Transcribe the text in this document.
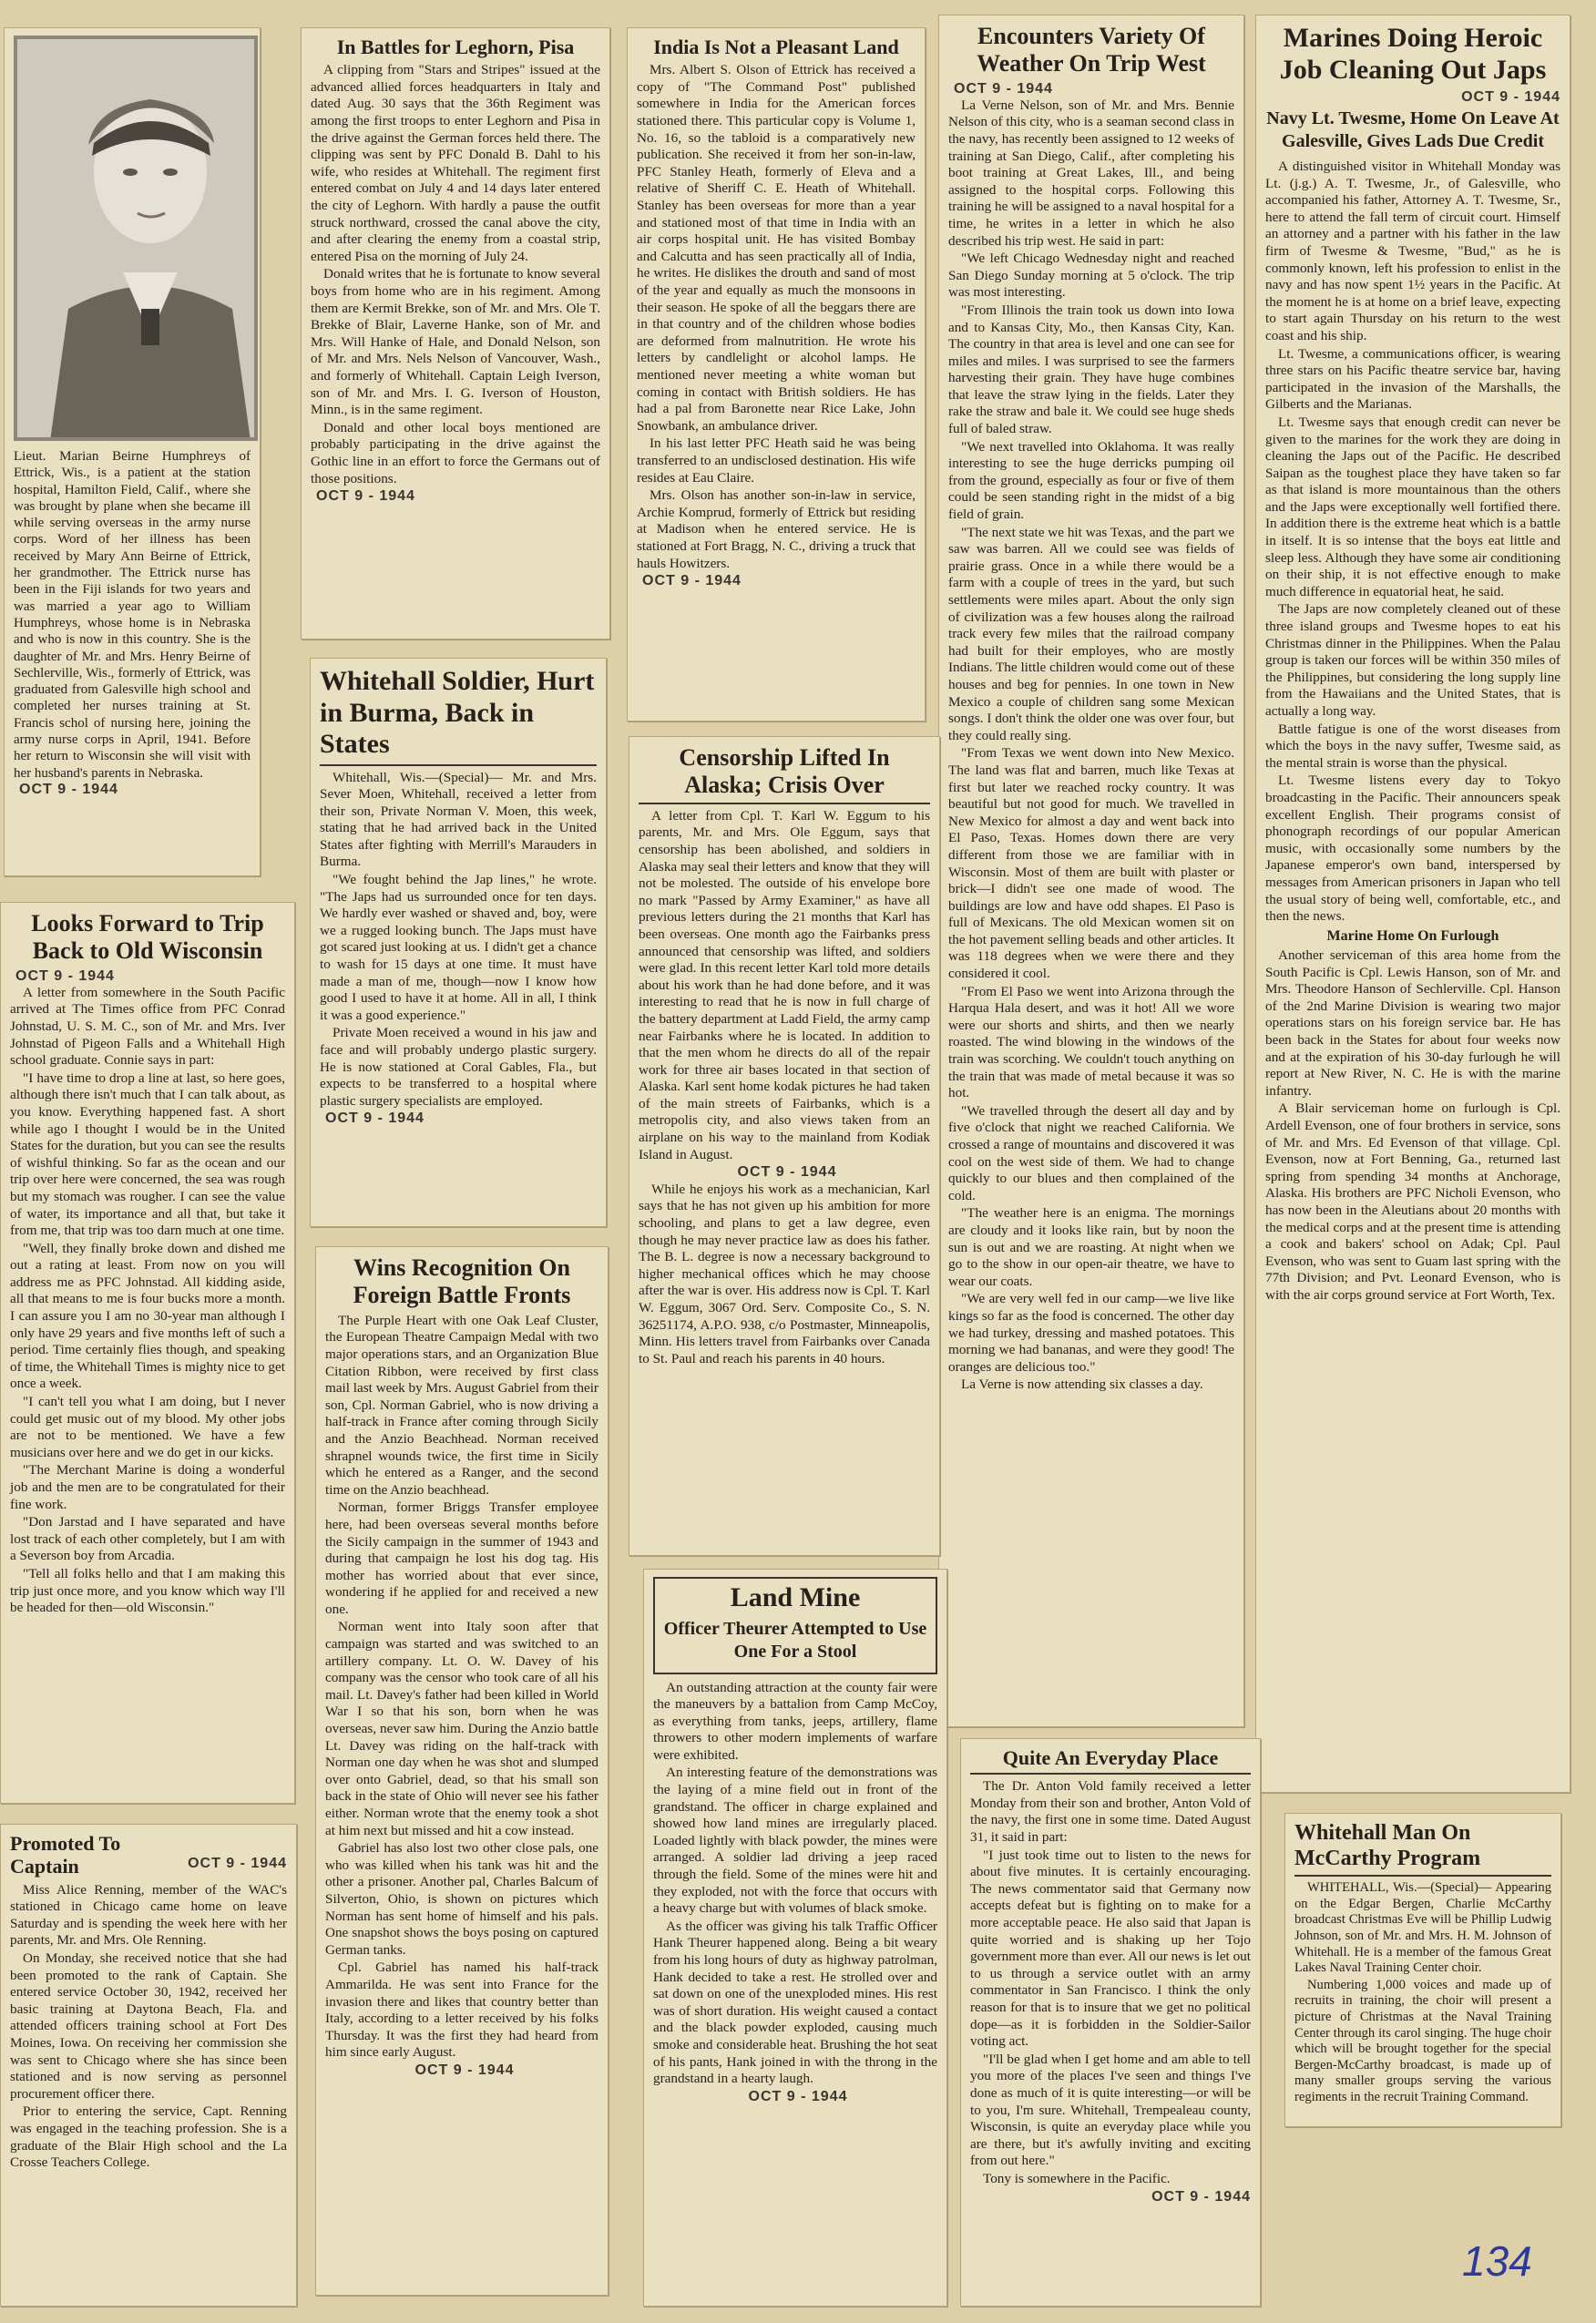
Lieut. Marian Beirne Humphreys of Ettrick, Wis., is a patient at the station hospital, Hamilton Field, Calif., where she was brought by plane when she became ill while serving overseas in the army nurse corps. Word of her illness has been received by Mary Ann Beirne of Ettrick, her grandmother. The Ettrick nurse has been in the Fiji islands for two years and was married a year ago to William Humphreys, whose home is in Nebraska and who is now in this country. She is the daughter of Mr. and Mrs. Henry Beirne of Sechlerville, Wis., formerly of Ettrick, was graduated from Galesville high school and completed her nurses training at St. Francis schol of nursing here, joining the army nurse corps in April, 1941. Before her return to Wisconsin she will visit with her husband's parents in Nebraska.
OCT 9 - 1944
In Battles for Leghorn, Pisa

A clipping from "Stars and Stripes" issued at the advanced allied forces headquarters in Italy and dated Aug. 30 says that the 36th Regiment was among the first troops to enter Leghorn and Pisa in the drive against the German forces held there. The clipping was sent by PFC Donald B. Dahl to his wife, who resides at Whitehall. The regiment first entered combat on July 4 and 14 days later entered the city of Leghorn. With hardly a pause the outfit struck northward, crossed the canal above the city, and after clearing the enemy from a coastal strip, entered Pisa on the morning of July 24.

Donald writes that he is fortunate to know several boys from home who are in his regiment. Among them are Kermit Brekke, son of Mr. and Mrs. Ole T. Brekke of Blair, Laverne Hanke, son of Mr. and Mrs. Will Hanke of Hale, and Donald Nelson, son of Mr. and Mrs. Nels Nelson of Vancouver, Wash., and formerly of Whitehall. Captain Leigh Iverson, son of Mr. and Mrs. I. G. Iverson of Houston, Minn., is in the same regiment.

Donald and other local boys mentioned are probably participating in the drive against the Gothic line in an effort to force the Germans out of those positions.

OCT 9 - 1944
India Is Not a Pleasant Land

Mrs. Albert S. Olson of Ettrick has received a copy of "The Command Post" published somewhere in India for the American forces stationed there. This particular copy is Volume 1, No. 16, so the tabloid is a comparatively new publication. She received it from her son-in-law, PFC Stanley Heath, formerly of Eleva and a relative of Sheriff C. E. Heath of Whitehall. Stanley has been overseas for more than a year and stationed most of that time in India with an air corps hospital unit. He has visited Bombay and Calcutta and has seen practically all of India, he writes. He dislikes the drouth and sand of most of the year and equally as much the monsoons in their season. He spoke of all the beggars there are in that country and of the children whose bodies are deformed from malnutrition. He wrote his letters by candlelight or alcohol lamps. He mentioned never meeting a white woman but coming in contact with British soldiers. He has had a pal from Baronette near Rice Lake, John Snowbank, an ambulance driver.

In his last letter PFC Heath said he was being transferred to an undisclosed destination. His wife resides at Eau Claire.

Mrs. Olson has another son-in-law in service, Archie Komprud, formerly of Ettrick but residing at Madison when he entered service. He is stationed at Fort Bragg, N. C., driving a truck that hauls Howitzers.

OCT 9 - 1944
Encounters Variety Of Weather On Trip West
OCT 9 - 1944

La Verne Nelson, son of Mr. and Mrs. Bennie Nelson of this city, who is a seaman second class in the navy, has recently been assigned to 12 weeks of training at San Diego, Calif., after completing his boot training at Great Lakes, Ill., and being assigned to the hospital corps. Following this training he will be assigned to a naval hospital for a time, he writes in a letter in which he also described his trip west. He said in part:

"We left Chicago Wednesday night and reached San Diego Sunday morning at 5 o'clock. The trip was most interesting.

"From Illinois the train took us down into Iowa and to Kansas City, Mo., then Kansas City, Kan. The country in that area is level and one can see for miles and miles. I was surprised to see the farmers harvesting their grain. They have huge combines that leave the straw lying in the fields. Later they rake the straw and bale it. We could see huge sheds full of baled straw.

"We next travelled into Oklahoma. It was really interesting to see the huge derricks pumping oil from the ground, especially as four or five of them could be seen standing right in the midst of a big field of grain.

"The next state we hit was Texas, and the part we saw was barren. All we could see was fields of prairie grass. Once in a while there would be a farm with a couple of trees in the yard, but such settlements were miles apart. About the only sign of civilization was a few houses along the railroad track every few miles that the railroad company had built for their employes, who are mostly Indians. The little children would come out of these houses and beg for pennies. In one town in New Mexico a couple of children sang some Mexican songs. I don't think the older one was over four, but they could really sing.

"From Texas we went down into New Mexico. The land was flat and barren, much like Texas at first but later we reached rocky country. It was beautiful but not good for much. We travelled in New Mexico for almost a day and went back into El Paso, Texas. Homes down there are very different from those we are familiar with in Wisconsin. Most of them are built with plaster or brick—I didn't see one made of wood. The buildings are low and have odd shapes. El Paso is full of Mexicans. The old Mexican women sit on the hot pavement selling beads and other articles. It was 118 degrees when we were there and they considered it cool.

"From El Paso we went into Arizona through the Harqua Hala desert, and was it hot! All we wore were our shorts and shirts, and then we nearly roasted. The wind blowing in the windows of the train was scorching. We couldn't touch anything on the train that was made of metal because it was so hot.

"We travelled through the desert all day and by five o'clock that night we reached California. We crossed a range of mountains and discovered it was cool on the west side of them. We had to change quickly to our blues and then complained of the cold.

"The weather here is an enigma. The mornings are cloudy and it looks like rain, but by noon the sun is out and we are roasting. At night when we go to the show in our open-air theatre, we have to wear our coats.

"We are very well fed in our camp—we live like kings so far as the food is concerned. The other day we had turkey, dressing and mashed potatoes. This morning we had bananas, and were they good! The oranges are delicious too."

La Verne is now attending six classes a day.

Marines Doing Heroic Job Cleaning Out Japs
OCT 9 - 1944
Navy Lt. Twesme, Home On Leave At Galesville, Gives Lads Due Credit

A distinguished visitor in Whitehall Monday was Lt. (j.g.) A. T. Twesme, Jr., of Galesville, who accompanied his father, Attorney A. T. Twesme, Sr., here to attend the fall term of circuit court. Himself an attorney and a partner with his father in the law firm of Twesme & Twesme, "Bud," as he is commonly known, left his profession to enlist in the navy and has now spent 1½ years in the Pacific. At the moment he is at home on a brief leave, expecting to start again Thursday on his return to the west coast and his ship.

Lt. Twesme, a communications officer, is wearing three stars on his Pacific theatre service bar, having participated in the invasion of the Marshalls, the Gilberts and the Marianas.

Lt. Twesme says that enough credit can never be given to the marines for the work they are doing in cleaning the Japs out of the Pacific. He described Saipan as the toughest place they have taken so far as that island is more mountainous than the others and the Japs were exceptionally well fortified there. In addition there is the extreme heat which is a battle in itself. It is so intense that the boys eat little and sleep less. Although they have some air conditioning on their ship, it is not effective enough to make much difference in equatorial heat, he said.

The Japs are now completely cleaned out of these three island groups and Twesme hopes to eat his Christmas dinner in the Philippines. When the Palau group is taken our forces will be within 350 miles of the Philippines, but considering the long supply line from the Hawaiians and the United States, that is actually a long way.

Battle fatigue is one of the worst diseases from which the boys in the navy suffer, Twesme said, as the mental strain is worse than the physical.

Lt. Twesme listens every day to Tokyo broadcasting in the Pacific. Their announcers speak excellent English. Their programs consist of phonograph recordings of our popular American music, with occasionally some numbers by the Japanese emperor's own band, interspersed by messages from American prisoners in Japan who tell the usual story of being well, comfortable, etc., and then the news.

Marine Home On Furlough

Another serviceman of this area home from the South Pacific is Cpl. Lewis Hanson, son of Mr. and Mrs. Theodore Hanson of Sechlerville. Cpl. Hanson of the 2nd Marine Division is wearing two major operations stars on his foreign service bar. He has been back in the States for about four weeks now and at the expiration of his 30-day furlough he will report at New River, N. C. He is with the marine infantry.

A Blair serviceman home on furlough is Cpl. Ardell Evenson, one of four brothers in service, sons of Mr. and Mrs. Ed Evenson of that village. Cpl. Evenson, now at Fort Benning, Ga., returned last spring from spending 34 months at Anchorage, Alaska. His brothers are PFC Nicholi Evenson, who has now been in the Aleutians about 20 months with the medical corps and at the present time is attending a cook and bakers' school on Adak; Cpl. Paul Evenson, who was sent to Guam last spring with the 77th Division; and Pvt. Leonard Evenson, who is with the air corps ground service at Fort Worth, Tex.

Whitehall Soldier, Hurt in Burma, Back in States

Whitehall, Wis.—(Special)— Mr. and Mrs. Sever Moen, Whitehall, received a letter from their son, Private Norman V. Moen, this week, stating that he had arrived back in the United States after fighting with Merrill's Marauders in Burma.

"We fought behind the Jap lines," he wrote. "The Japs had us surrounded once for ten days. We hardly ever washed or shaved and, boy, were we a rugged looking bunch. The Japs must have got scared just looking at us. I didn't get a chance to wash for 15 days at one time. It must have made a man of me, though—now I know how good I used to have it at home. All in all, I think it was a good experience."

Private Moen received a wound in his jaw and face and will probably undergo plastic surgery. He is now stationed at Coral Gables, Fla., but expects to be transferred to a hospital where plastic surgery specialists are employed.

OCT 9 - 1944
Censorship Lifted In Alaska; Crisis Over

A letter from Cpl. T. Karl W. Eggum to his parents, Mr. and Mrs. Ole Eggum, says that censorship has been abolished, and soldiers in Alaska may seal their letters and know that they will not be molested. The outside of his envelope bore no mark "Passed by Army Examiner," as have all previous letters during the 21 months that Karl has been overseas. One month ago the Fairbanks press announced that censorship was lifted, and soldiers were glad. In this recent letter Karl told more details about his work than he had done before, and it was interesting to read that he is now in full charge of the battery department at Ladd Field, the army camp near Fairbanks where he is located. In addition to that the men whom he directs do all of the repair work for three air bases located in that section of Alaska. Karl sent home kodak pictures he had taken of the main streets of Fairbanks, which is a metropolis city, and also views taken from an airplane on his way to the mainland from Kodiak Island in August.

OCT 9 - 1944

While he enjoys his work as a mechanician, Karl says that he has not given up his ambition for more schooling, and plans to get a law degree, even though he may never practice law as does his father. The B. L. degree is now a necessary background to higher mechanical offices which he may choose after the war is over. His address now is Cpl. T. Karl W. Eggum, 3067 Ord. Serv. Composite Co., S. N. 36251174, A.P.O. 938, c/o Postmaster, Minneapolis, Minn. His letters travel from Fairbanks over Canada to St. Paul and reach his parents in 40 hours.

Looks Forward to Trip Back to Old Wisconsin
OCT 9 - 1944

A letter from somewhere in the South Pacific arrived at The Times office from PFC Conrad Johnstad, U. S. M. C., son of Mr. and Mrs. Iver Johnstad of Pigeon Falls and a Whitehall High school graduate. Connie says in part:

"I have time to drop a line at last, so here goes, although there isn't much that I can talk about, as you know. Everything happened fast. A short while ago I thought I would be in the United States for the duration, but you can see the results of wishful thinking. So far as the ocean and our trip over here were concerned, the sea was rough but my stomach was rougher. I can see the value of water, its importance and all that, but take it from me, that trip was too darn much at one time.

"Well, they finally broke down and dished me out a rating at least. From now on you will address me as PFC Johnstad. All kidding aside, all that means to me is four bucks more a month. I can assure you I am no 30-year man although I only have 29 years and five months left of such a period. Time certainly flies though, and speaking of time, the Whitehall Times is mighty nice to get once a week.

"I can't tell you what I am doing, but I never could get music out of my blood. My other jobs are not to be mentioned. We have a few musicians over here and we do get in our kicks.

"The Merchant Marine is doing a wonderful job and the men are to be congratulated for their fine work.

"Don Jarstad and I have separated and have lost track of each other completely, but I am with a Severson boy from Arcadia.

"Tell all folks hello and that I am making this trip just once more, and you know which way I'll be headed for then—old Wisconsin."

Wins Recognition On Foreign Battle Fronts

The Purple Heart with one Oak Leaf Cluster, the European Theatre Campaign Medal with two major operations stars, and an Organization Blue Citation Ribbon, were received by first class mail last week by Mrs. August Gabriel from their son, Cpl. Norman Gabriel, who is now driving a half-track in France after coming through Sicily and the Anzio Beachhead. Norman received shrapnel wounds twice, the first time in Sicily which he entered as a Ranger, and the second time on the Anzio beachhead.

Norman, former Briggs Transfer employee here, had been overseas several months before the Sicily campaign in the summer of 1943 and during that campaign he lost his dog tag. His mother has worried about that ever since, wondering if he applied for and received a new one.

Norman went into Italy soon after that campaign was started and was switched to an artillery company. Lt. O. W. Davey of his company was the censor who took care of all his mail. Lt. Davey's father had been killed in World War I so that his son, born when he was overseas, never saw him. During the Anzio battle Lt. Davey was riding on the half-track with Norman one day when he was shot and slumped over onto Gabriel, dead, so that his small son back in the state of Ohio will never see his father either. Norman wrote that the enemy took a shot at him next but missed and hit a cow instead.

Gabriel has also lost two other close pals, one who was killed when his tank was hit and the other a prisoner. Another pal, Charles Balcum of Silverton, Ohio, is shown on pictures which Norman has sent home of himself and his pals. One snapshot shows the boys posing on captured German tanks.

Cpl. Gabriel has named his half-track Ammarilda. He was sent into France for the invasion there and likes that country better than Italy, according to a letter received by his folks Thursday. It was the first they had heard from him since early August.

OCT 9 - 1944
Land Mine
Officer Theurer Attempted to Use One For a Stool

An outstanding attraction at the county fair were the maneuvers by a battalion from Camp McCoy, as everything from tanks, jeeps, artillery, flame throwers to other modern implements of warfare were exhibited.

An interesting feature of the demonstrations was the laying of a mine field out in front of the grandstand. The officer in charge explained and showed how land mines are irregularly placed. Loaded lightly with black powder, the mines were arranged. A soldier lad driving a jeep raced through the field. Some of the mines were hit and they exploded, not with the force that occurs with a heavy charge but with volumes of black smoke.

As the officer was giving his talk Traffic Officer Hank Theurer happened along. Being a bit weary from his long hours of duty as highway patrolman, Hank decided to take a rest. He strolled over and sat down on one of the unexploded mines. His rest was of short duration. His weight caused a contact and the black powder exploded, causing much smoke and considerable heat. Brushing the hot seat of his pants, Hank joined in with the throng in the grandstand in a hearty laugh.

OCT 9 - 1944
Quite An Everyday Place

The Dr. Anton Vold family received a letter Monday from their son and brother, Anton Vold of the navy, the first one in some time. Dated August 31, it said in part:

"I just took time out to listen to the news for about five minutes. It is certainly encouraging. The news commentator said that Germany now accepts defeat but is fighting on to make for a more acceptable peace. He also said that Japan is quite worried and is shaking up her Tojo government more than ever. All our news is let out to us through a service outlet with an army commentator in San Francisco. I think the only reason for that is to insure that we get no political dope—as it is forbidden in the Soldier-Sailor voting act.

"I'll be glad when I get home and am able to tell you more of the places I've seen and things I've done as much of it is quite interesting—or will be to you, I'm sure. Whitehall, Trempealeau county, Wisconsin, is quite an everyday place while you are there, but it's awfully inviting and exciting from out here."

Tony is somewhere in the Pacific.

OCT 9 - 1944
Promoted To Captain	OCT 9 - 1944

Miss Alice Renning, member of the WAC's stationed in Chicago came home on leave Saturday and is spending the week here with her parents, Mr. and Mrs. Ole Renning.

On Monday, she received notice that she had been promoted to the rank of Captain. She entered service October 30, 1942, received her basic training at Daytona Beach, Fla. and attended officers training school at Fort Des Moines, Iowa. On receiving her commission she was sent to Chicago where she has since been stationed and is now serving as personnel procurement officer there.

Prior to entering the service, Capt. Renning was engaged in the teaching profession. She is a graduate of the Blair High school and the La Crosse Teachers College.

Whitehall Man On McCarthy Program

WHITEHALL, Wis.—(Special)— Appearing on the Edgar Bergen, Charlie McCarthy broadcast Christmas Eve will be Phillip Ludwig Johnson, son of Mr. and Mrs. H. M. Johnson of Whitehall. He is a member of the famous Great Lakes Naval Training Center choir.

Numbering 1,000 voices and made up of recruits in training, the choir will present a picture of Christmas at the Naval Training Center through its carol singing. The huge choir which will be brought together for the special Bergen-McCarthy broadcast, is made up of many smaller groups serving the various regiments in the recruit Training Command.

134
